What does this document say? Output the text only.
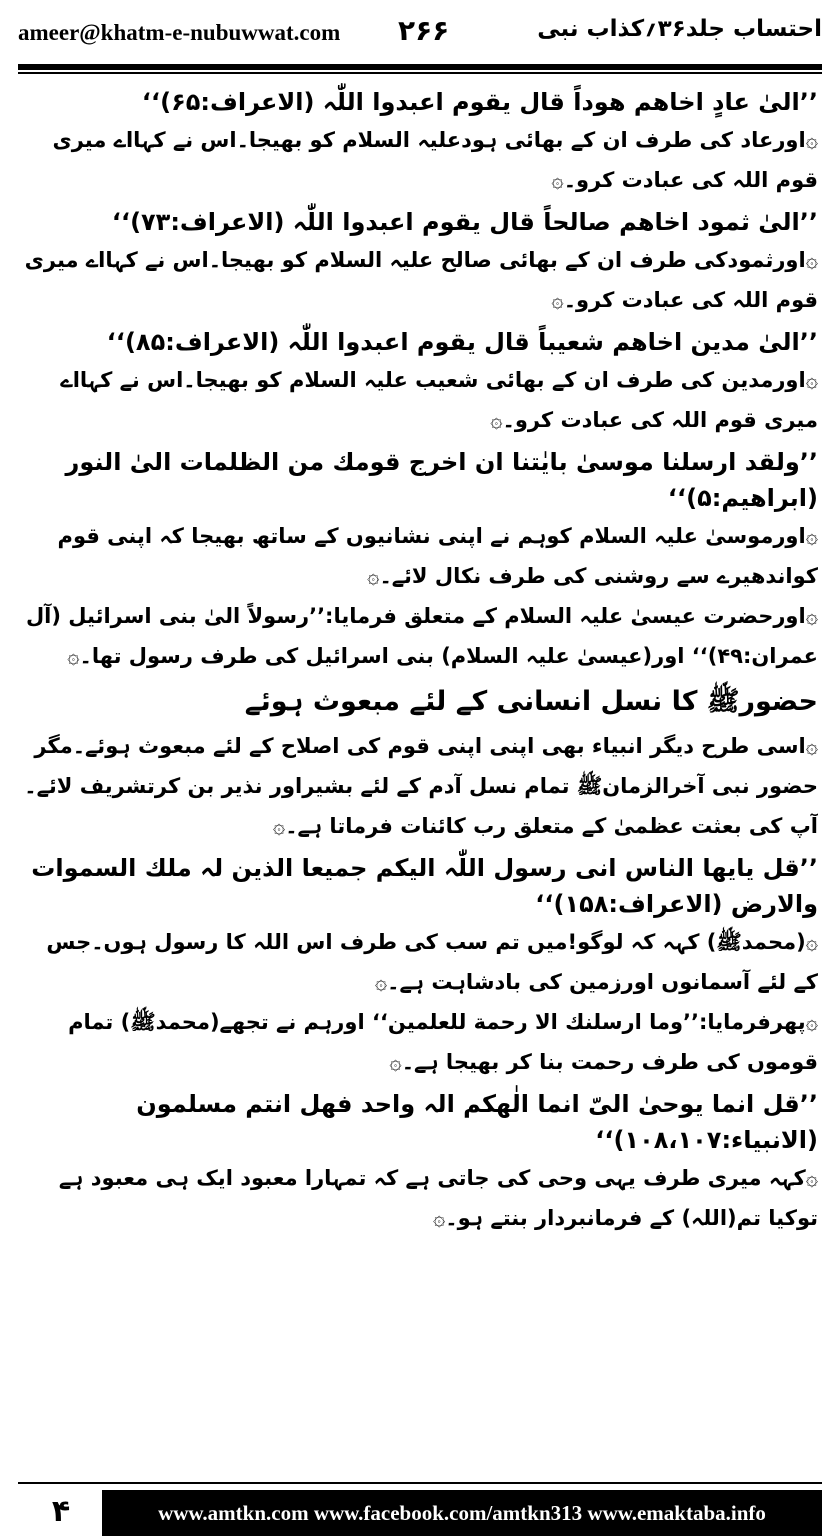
ameer@khatm-e-nubuwwat.com ۲۶۶	احتساب جلد۳۶؍کذاب نبی
’’الیٰ عادٍ اخاھم ھوداً قال یقوم اعبدوا اللّٰہ (الاعراف:۶۵)‘‘
۞اورعاد کی طرف ان کے بھائی ہودعلیہ السلام کو بھیجا۔اس نے کہااے میری قوم اللہ کی عبادت کرو۔۞
’’الیٰ ثمود اخاھم صالحاً قال یقوم اعبدوا اللّٰہ (الاعراف:۷۳)‘‘
۞اورثمودکی طرف ان کے بھائی صالح علیہ السلام کو بھیجا۔اس نے کہااے میری قوم اللہ کی عبادت کرو۔۞
’’الیٰ مدین اخاھم شعیباً قال یقوم اعبدوا اللّٰہ (الاعراف:۸۵)‘‘
۞اورمدین کی طرف ان کے بھائی شعیب علیہ السلام کو بھیجا۔اس نے کہااے میری قوم اللہ کی عبادت کرو۔۞
’’ولقد ارسلنا موسیٰ بایٰتنا ان اخرج قومك من الظلمات الیٰ النور (ابراھیم:۵)‘‘
۞اورموسیٰ علیہ السلام کوہم نے اپنی نشانیوں کے ساتھ بھیجا کہ اپنی قوم کواندھیرے سے روشنی کی طرف نکال لائے۔۞
۞اورحضرت عیسیٰ علیہ السلام کے متعلق فرمایا:’’رسولاً الیٰ بنی اسرائیل (آل عمران:۴۹)‘‘ اور(عیسیٰ علیہ السلام) بنی اسرائیل کی طرف رسول تھا۔۞
حضورﷺ کا نسل انسانی کے لئے مبعوث ہوئے
۞اسی طرح دیگر انبیاء بھی اپنی اپنی قوم کی اصلاح کے لئے مبعوث ہوئے۔مگر حضور نبی آخرالزمانﷺ تمام نسل آدم کے لئے بشیراور نذیر بن کرتشریف لائے۔آپ کی بعثت عظمیٰ کے متعلق رب کائنات فرماتا ہے۔۞
’’قل یایھا الناس انی رسول اللّٰہ الیکم جمیعا الذین لہ ملك السموات والارض (الاعراف:۱۵۸)‘‘
۞(محمدﷺ) کہہ کہ لوگو!میں تم سب کی طرف اس اللہ کا رسول ہوں۔جس کے لئے آسمانوں اورزمین کی بادشاہت ہے۔۞
۞پھرفرمایا:’’وما ارسلنك الا رحمة للعلمین‘‘ اورہم نے تجھے(محمدﷺ) تمام قوموں کی طرف رحمت بنا کر بھیجا ہے۔۞
’’قل انما یوحیٰ الیّ انما الٰھکم الہ واحد فھل انتم مسلمون (الانبیاء:۱۰۸،۱۰۷)‘‘
۞کہہ میری طرف یہی وحی کی جاتی ہے کہ تمہارا معبود ایک ہی معبود ہے توکیا تم(اللہ) کے فرمانبردار بنتے ہو۔۞
۴	www.amtkn.com www.facebook.com/amtkn313 www.emaktaba.info
